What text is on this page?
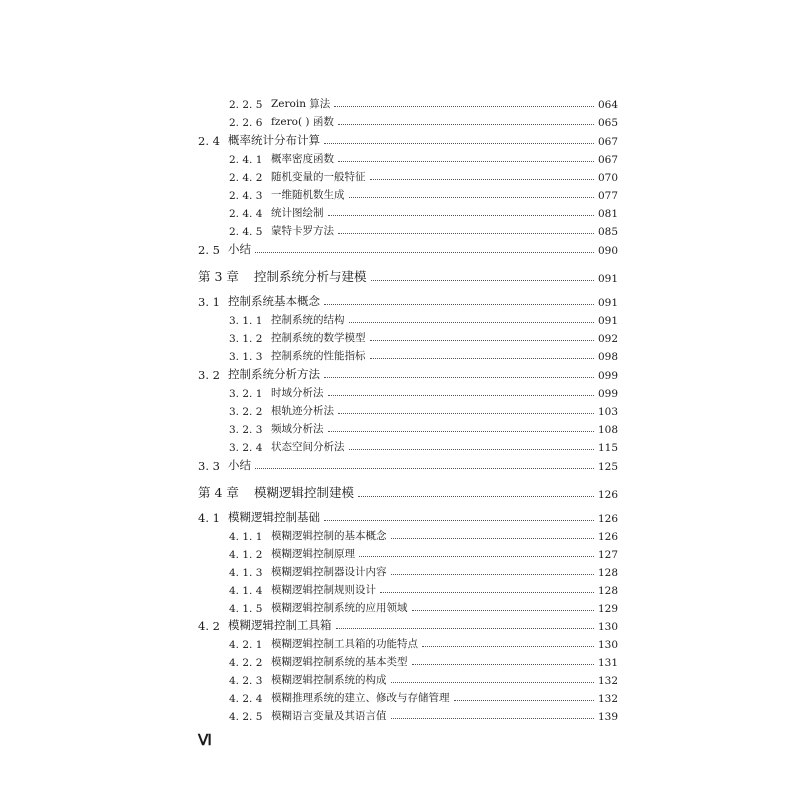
2. 2. 5 Zeroin 算法	064
2. 2. 6 fzero( ) 函数	065
2. 4 概率统计分布计算	067
2. 4. 1 概率密度函数	067
2. 4. 2 随机变量的一般特征	070
2. 4. 3 一维随机数生成	077
2. 4. 4 统计图绘制	081
2. 4. 5 蒙特卡罗方法	085
2. 5 小结	090
第 3 章	控制系统分析与建模	091
3. 1 控制系统基本概念	091
3. 1. 1 控制系统的结构	091
3. 1. 2 控制系统的数学模型	092
3. 1. 3 控制系统的性能指标	098
3. 2 控制系统分析方法	099
3. 2. 1 时域分析法	099
3. 2. 2 根轨迹分析法	103
3. 2. 3 频域分析法	108
3. 2. 4 状态空间分析法	115
3. 3 小结	125
第 4 章	模糊逻辑控制建模	126
4. 1 模糊逻辑控制基础	126
4. 1. 1 模糊逻辑控制的基本概念	126
4. 1. 2 模糊逻辑控制原理	127
4. 1. 3 模糊逻辑控制器设计内容	128
4. 1. 4 模糊逻辑控制规则设计	128
4. 1. 5 模糊逻辑控制系统的应用领域	129
4. 2 模糊逻辑控制工具箱	130
4. 2. 1 模糊逻辑控制工具箱的功能特点	130
4. 2. 2 模糊逻辑控制系统的基本类型	131
4. 2. 3 模糊逻辑控制系统的构成	132
4. 2. 4 模糊推理系统的建立、修改与存储管理	132
4. 2. 5 模糊语言变量及其语言值	139
Ⅵ
